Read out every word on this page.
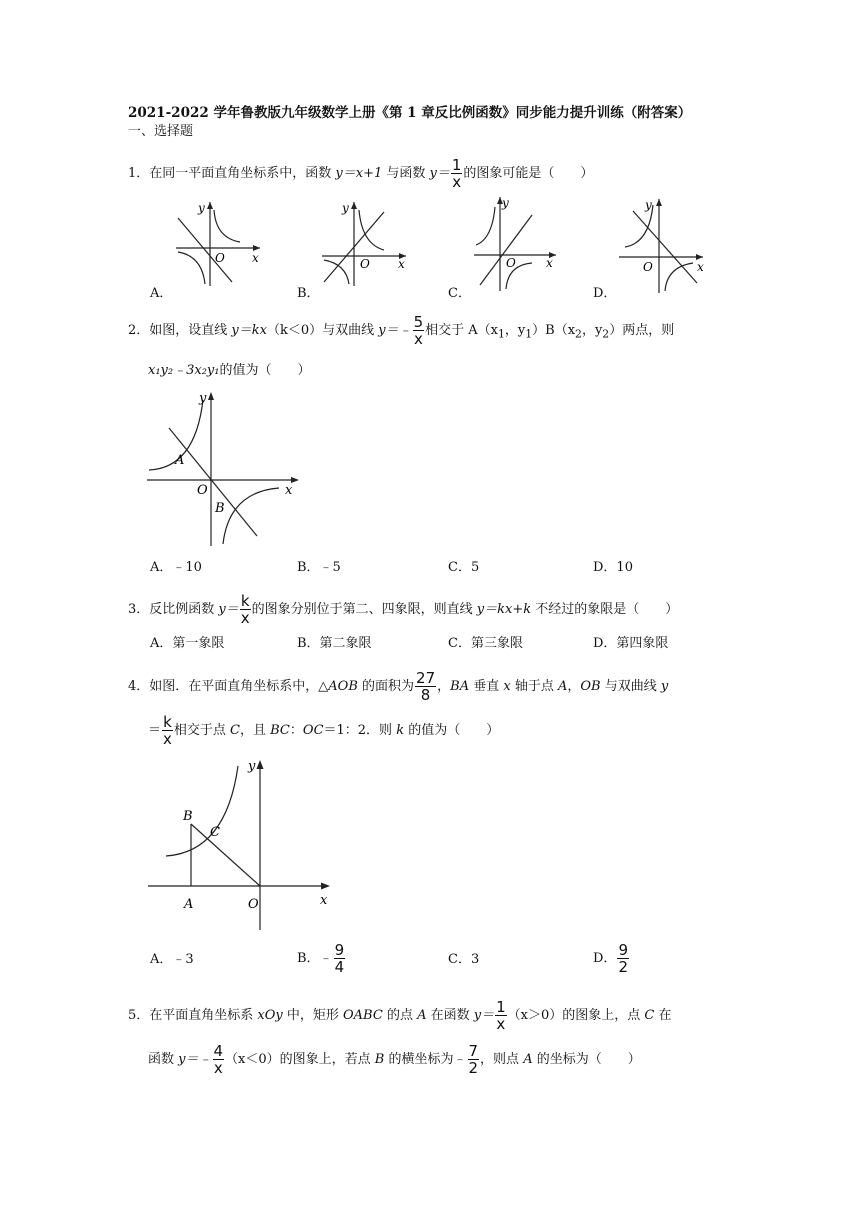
2021-2022 学年鲁教版九年级数学上册《第 1 章反比例函数》同步能力提升训练（附答案）
一、选择题
1．在同一平面直角坐标系中，函数 y＝x+1 与函数 $y= \frac{1}{x}$ 的图象可能是（　　）
y
x
O
A．
y
x
O
B．
y
x
O
C．
y
x
O
D．
2．如图，设直线 y＝kx（k＜0）与双曲线 y＝﹣ $\frac{5}{x}$ 相交于 $A(x_1$，$y_1)B(x_2$，$y_2$）两点，则
x₁y₂﹣3x₂y₁的值为（　　）
y
x
O
A
B
A．﹣10	B．﹣5	C．5	D．10
3．反比例函数 $y= \frac{k}{x}$ 的图象分别位于第二、四象限，则直线 y＝kx+k 不经过的象限是（　　）
A．第一象限	B．第二象限	C．第三象限	D．第四象限
4．如图．在平面直角坐标系中，△AOB 的面积为 $\frac{27}{8}$ ，BA 垂直 x 轴于点 A，OB 与双曲线 y
＝ $\frac{k}{x}$ 相交于点 C，且 BC：OC＝1：2．则 k 的值为（　　）
y
x
O
A
B
C
A．﹣3	B．﹣ $\frac{9}{4}$	C．3	D． $\frac{9}{2}$
5．在平面直角坐标系 xOy 中，矩形 OABC 的点 A 在函数 $y= \frac{1}{x} (x>0)$的图象上，点 C 在
函数 y＝﹣ $\frac{4}{x} (x<0)$的图象上，若点 B 的横坐标为﹣ $\frac{7}{2}$ ，则点 A 的坐标为（　　）
